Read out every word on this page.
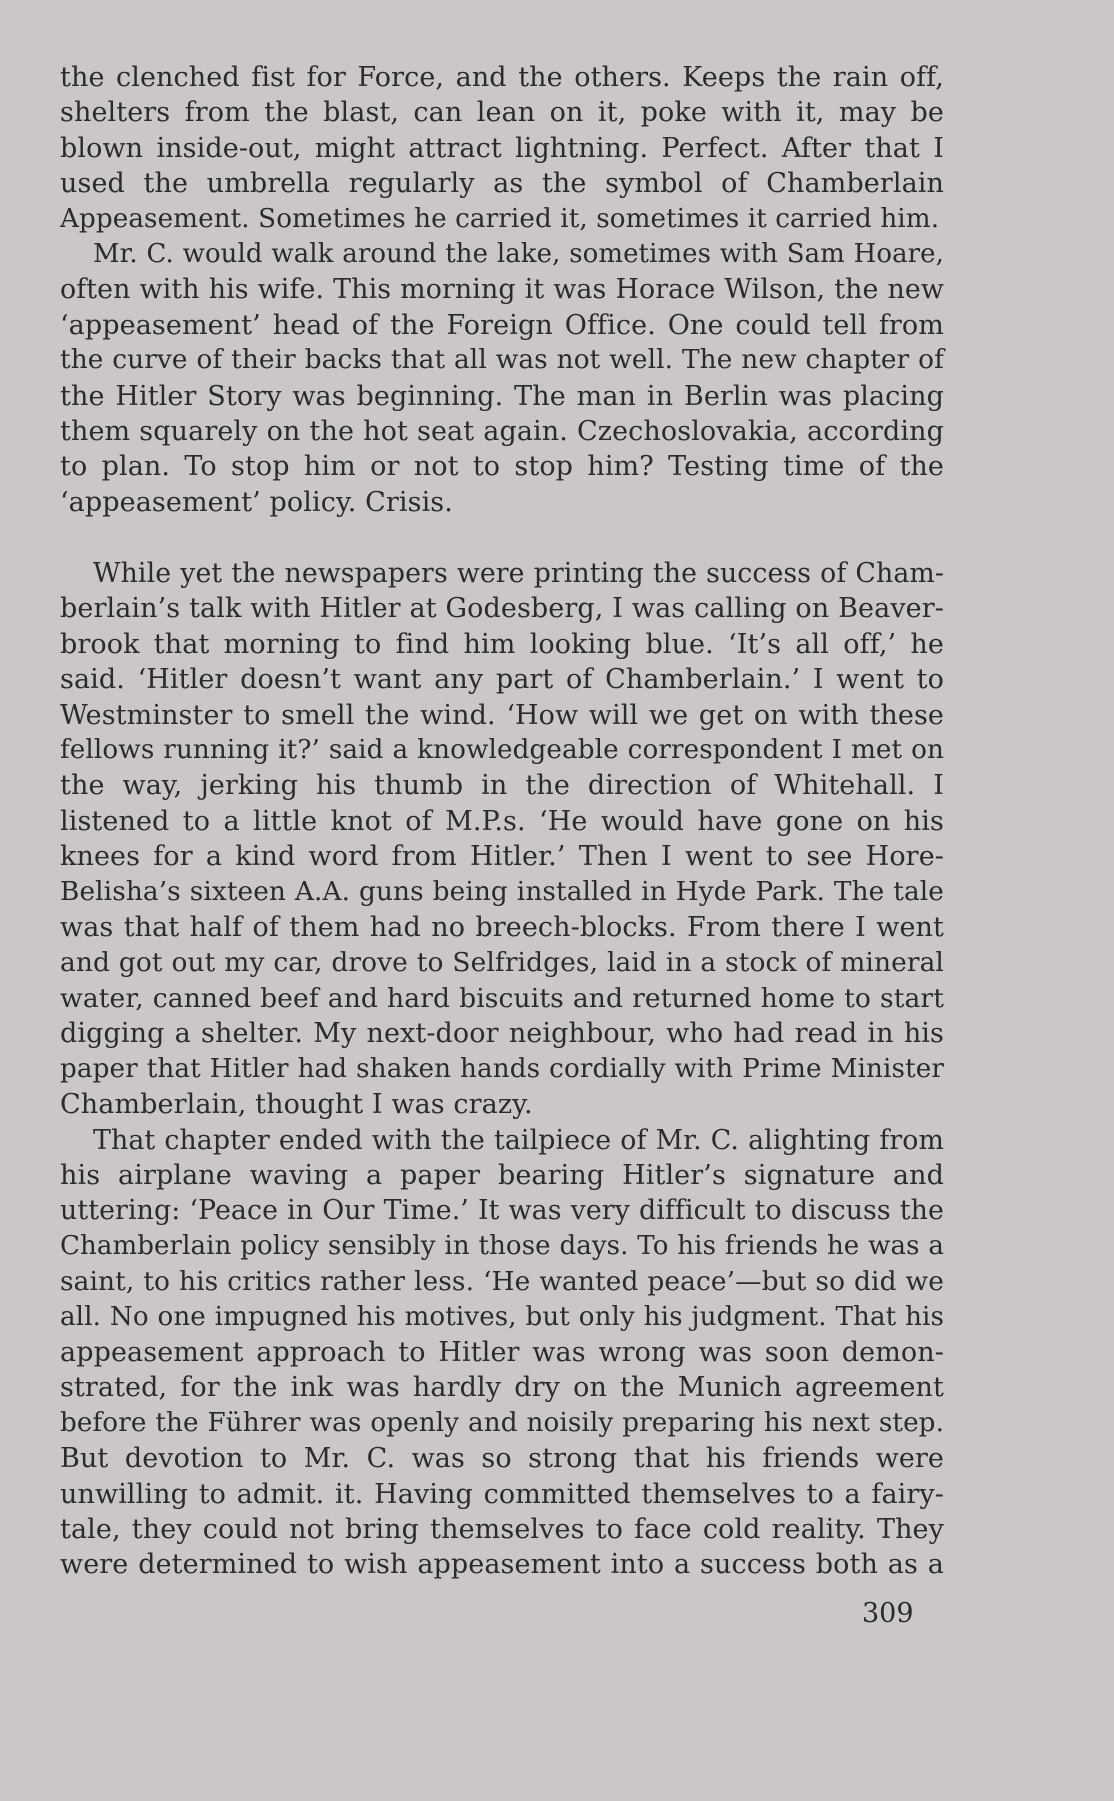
the clenched fist for Force, and the others. Keeps the rain off,
shelters from the blast, can lean on it, poke with it, may be
blown inside-out, might attract lightning. Perfect. After that I
used the umbrella regularly as the symbol of Chamberlain
Appeasement. Sometimes he carried it, sometimes it carried him.
Mr. C. would walk around the lake, sometimes with Sam Hoare,
often with his wife. This morning it was Horace Wilson, the new
‘appeasement’ head of the Foreign Office. One could tell from
the curve of their backs that all was not well. The new chapter of
the Hitler Story was beginning. The man in Berlin was placing
them squarely on the hot seat again. Czechoslovakia, according
to plan. To stop him or not to stop him? Testing time of the
‘appeasement’ policy. Crisis.
While yet the newspapers were printing the success of Cham-
berlain’s talk with Hitler at Godesberg, I was calling on Beaver-
brook that morning to find him looking blue. ‘It’s all off,’ he
said. ‘Hitler doesn’t want any part of Chamberlain.’ I went to
Westminster to smell the wind. ‘How will we get on with these
fellows running it?’ said a knowledgeable correspondent I met on
the way, jerking his thumb in the direction of Whitehall. I
listened to a little knot of M.P.s. ‘He would have gone on his
knees for a kind word from Hitler.’ Then I went to see Hore-
Belisha’s sixteen A.A. guns being installed in Hyde Park. The tale
was that half of them had no breech-blocks. From there I went
and got out my car, drove to Selfridges, laid in a stock of mineral
water, canned beef and hard biscuits and returned home to start
digging a shelter. My next-door neighbour, who had read in his
paper that Hitler had shaken hands cordially with Prime Minister
Chamberlain, thought I was crazy.
That chapter ended with the tailpiece of Mr. C. alighting from
his airplane waving a paper bearing Hitler’s signature and
uttering: ‘Peace in Our Time.’ It was very difficult to discuss the
Chamberlain policy sensibly in those days. To his friends he was a
saint, to his critics rather less. ‘He wanted peace’—but so did we
all. No one impugned his motives, but only his judgment. That his
appeasement approach to Hitler was wrong was soon demon-
strated, for the ink was hardly dry on the Munich agreement
before the Führer was openly and noisily preparing his next step.
But devotion to Mr. C. was so strong that his friends were
unwilling to admit. it. Having committed themselves to a fairy-
tale, they could not bring themselves to face cold reality. They
were determined to wish appeasement into a success both as a
309
